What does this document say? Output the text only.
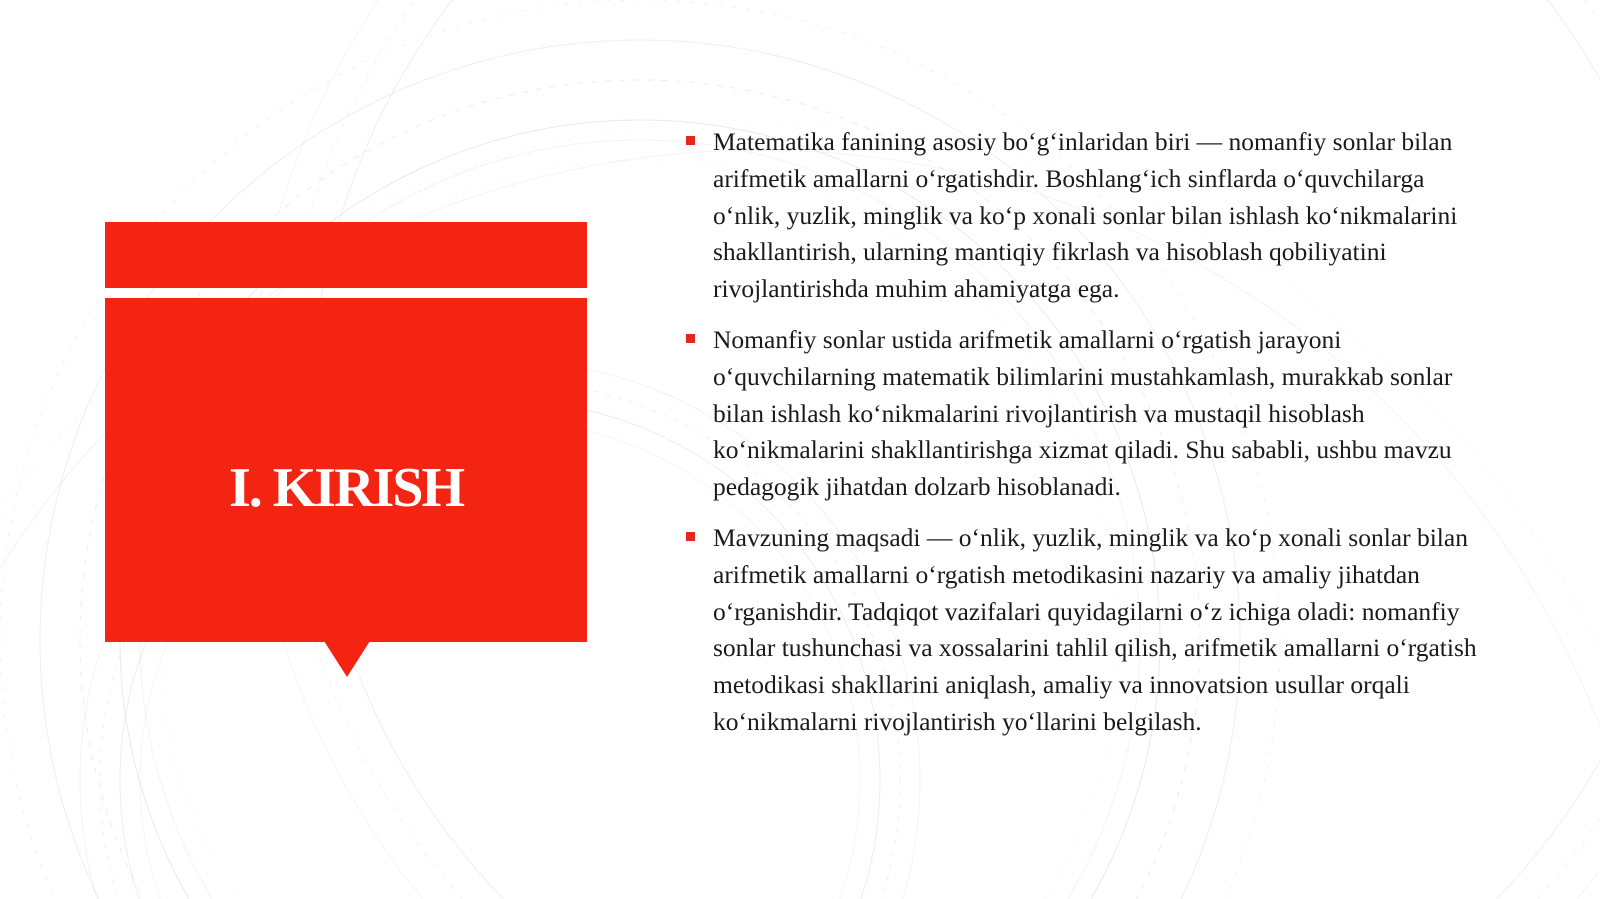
I. KIRISH
Matematika fanining asosiy bo‘g‘inlaridan biri — nomanfiy sonlar bilan arifmetik amallarni o‘rgatishdir. Boshlang‘ich sinflarda o‘quvchilarga o‘nlik, yuzlik, minglik va ko‘p xonali sonlar bilan ishlash ko‘nikmalarini shakllantirish, ularning mantiqiy fikrlash va hisoblash qobiliyatini rivojlantirishda muhim ahamiyatga ega.
Nomanfiy sonlar ustida arifmetik amallarni o‘rgatish jarayoni o‘quvchilarning matematik bilimlarini mustahkamlash, murakkab sonlar bilan ishlash ko‘nikmalarini rivojlantirish va mustaqil hisoblash ko‘nikmalarini shakllantirishga xizmat qiladi. Shu sababli, ushbu mavzu pedagogik jihatdan dolzarb hisoblanadi.
Mavzuning maqsadi — o‘nlik, yuzlik, minglik va ko‘p xonali sonlar bilan arifmetik amallarni o‘rgatish metodikasini nazariy va amaliy jihatdan o‘rganishdir. Tadqiqot vazifalari quyidagilarni o‘z ichiga oladi: nomanfiy sonlar tushunchasi va xossalarini tahlil qilish, arifmetik amallarni o‘rgatish metodikasi shakllarini aniqlash, amaliy va innovatsion usullar orqali ko‘nikmalarni rivojlantirish yo‘llarini belgilash.
